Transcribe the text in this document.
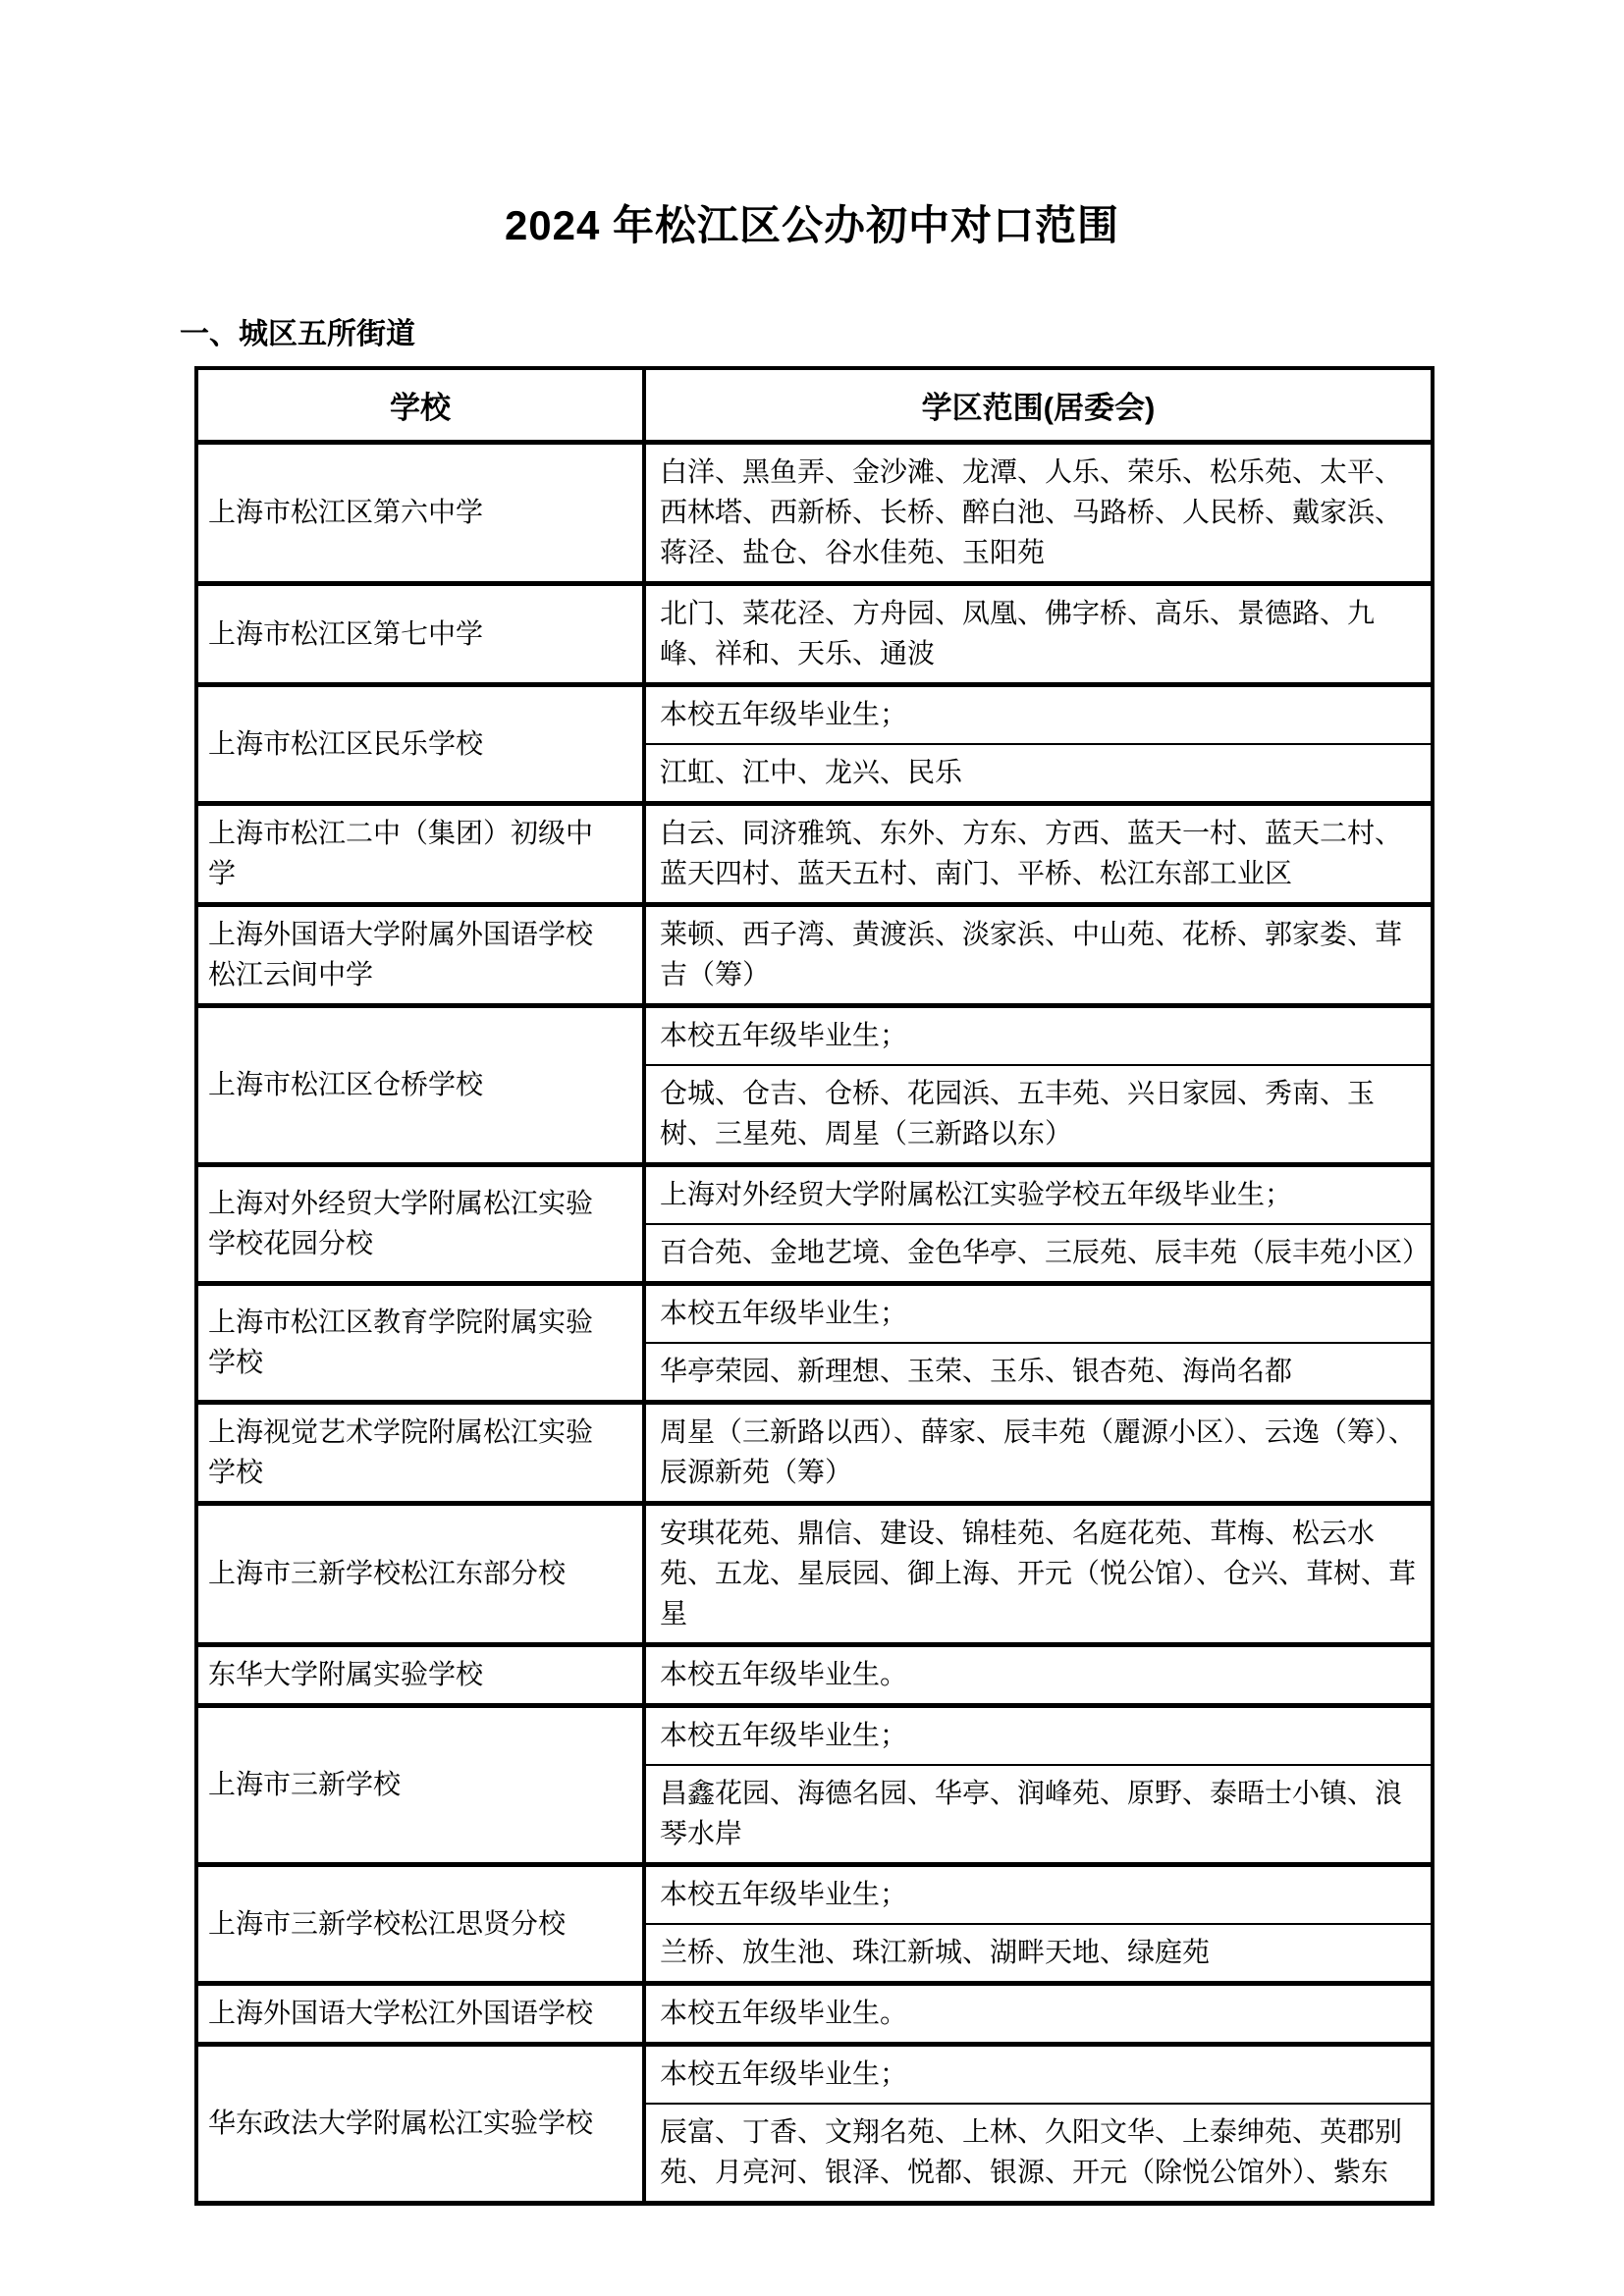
2024 年松江区公办初中对口范围
一、城区五所街道
学校	学区范围(居委会)
上海市松江区第六中学	白洋、黑鱼弄、金沙滩、龙潭、人乐、荣乐、松乐苑、太平、西林塔、西新桥、长桥、醉白池、马路桥、人民桥、戴家浜、蒋泾、盐仓、谷水佳苑、玉阳苑
上海市松江区第七中学	北门、菜花泾、方舟园、凤凰、佛字桥、高乐、景德路、九峰、祥和、天乐、通波
上海市松江区民乐学校	本校五年级毕业生；
	江虹、江中、龙兴、民乐
上海市松江二中（集团）初级中学	白云、同济雅筑、东外、方东、方西、蓝天一村、蓝天二村、蓝天四村、蓝天五村、南门、平桥、松江东部工业区
上海外国语大学附属外国语学校松江云间中学	莱顿、西子湾、黄渡浜、淡家浜、中山苑、花桥、郭家娄、茸吉（筹）
上海市松江区仓桥学校	本校五年级毕业生；
	仓城、仓吉、仓桥、花园浜、五丰苑、兴日家园、秀南、玉树、三星苑、周星（三新路以东）
上海对外经贸大学附属松江实验学校花园分校	上海对外经贸大学附属松江实验学校五年级毕业生；
	百合苑、金地艺境、金色华亭、三辰苑、辰丰苑（辰丰苑小区）
上海市松江区教育学院附属实验学校	本校五年级毕业生；
	华亭荣园、新理想、玉荣、玉乐、银杏苑、海尚名都
上海视觉艺术学院附属松江实验学校	周星（三新路以西）、薛家、辰丰苑（麗源小区）、云逸（筹）、辰源新苑（筹）
上海市三新学校松江东部分校	安琪花苑、鼎信、建设、锦桂苑、名庭花苑、茸梅、松云水苑、五龙、星辰园、御上海、开元（悦公馆）、仓兴、茸树、茸星
东华大学附属实验学校	本校五年级毕业生。
上海市三新学校	本校五年级毕业生；
	昌鑫花园、海德名园、华亭、润峰苑、原野、泰晤士小镇、浪琴水岸
上海市三新学校松江思贤分校	本校五年级毕业生；
	兰桥、放生池、珠江新城、湖畔天地、绿庭苑
上海外国语大学松江外国语学校	本校五年级毕业生。
华东政法大学附属松江实验学校	本校五年级毕业生；
	辰富、丁香、文翔名苑、上林、久阳文华、上泰绅苑、英郡别苑、月亮河、银泽、悦都、银源、开元（除悦公馆外）、紫东
